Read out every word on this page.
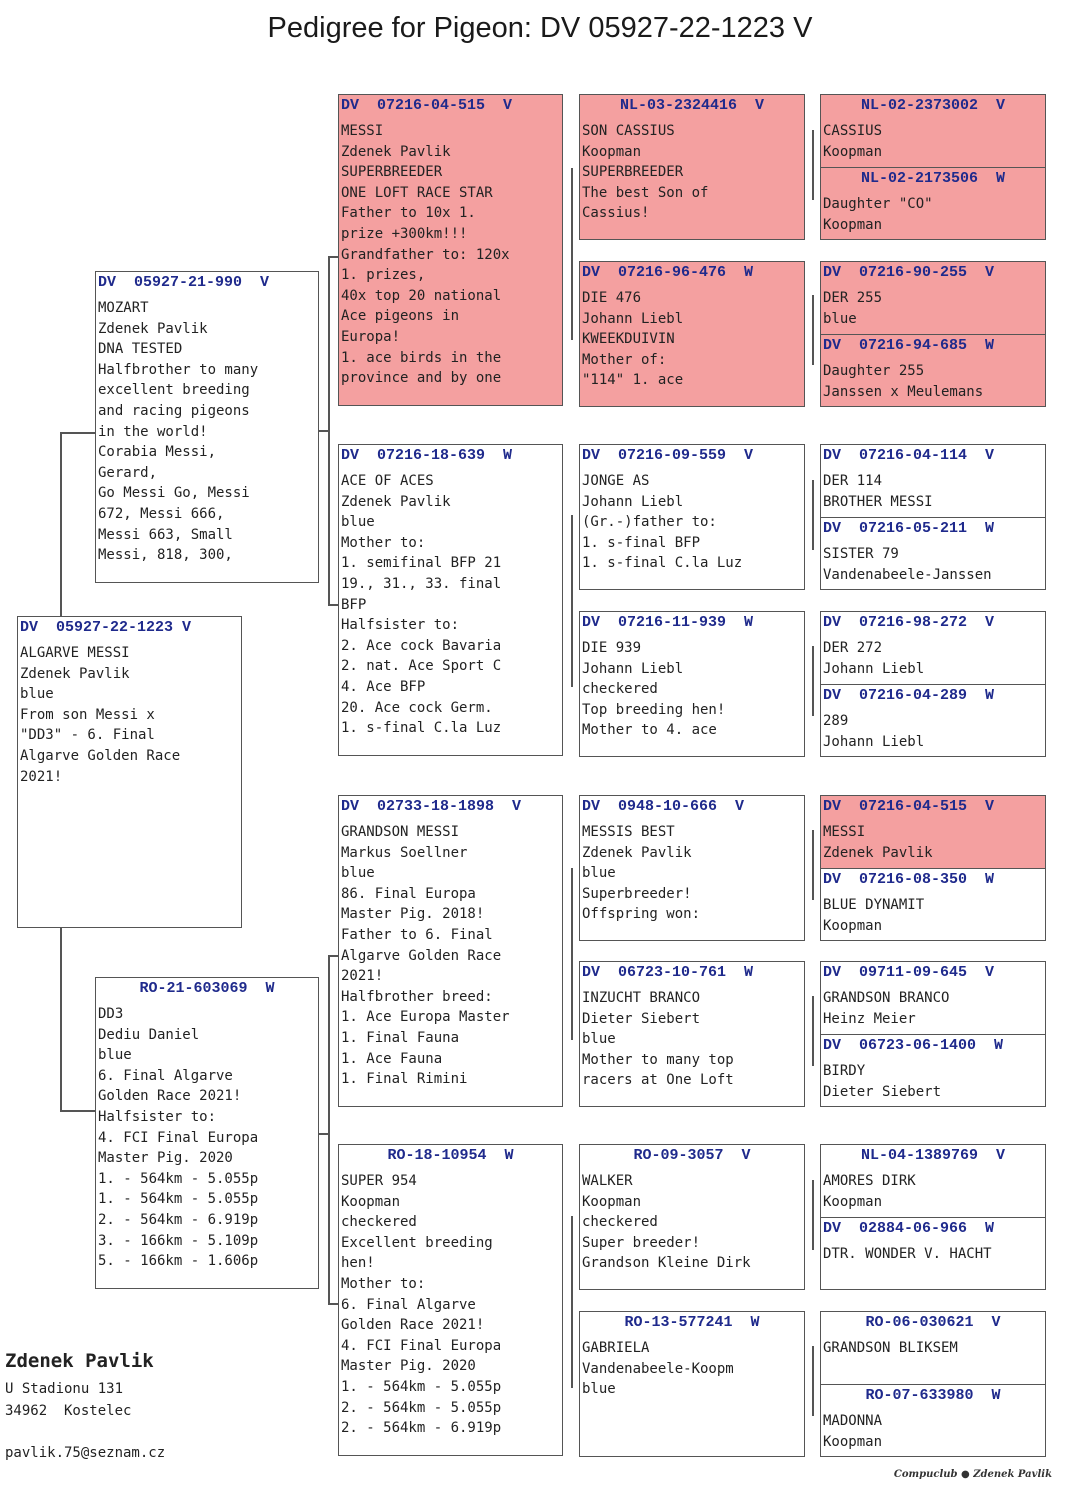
Pedigree for Pigeon: DV 05927-22-1223 V
DV  05927-22-1223 V
ALGARVE MESSI
Zdenek Pavlik
blue
From son Messi x
"DD3" - 6. Final
Algarve Golden Race
2021!
DV  05927-21-990  V
MOZART
Zdenek Pavlik
DNA TESTED
Halfbrother to many
excellent breeding
and racing pigeons
in the world!
Corabia Messi,
Gerard,
Go Messi Go, Messi
672, Messi 666,
Messi 663, Small
Messi, 818, 300,
RO-21-603069  W
DD3
Dediu Daniel
blue
6. Final Algarve
Golden Race 2021!
Halfsister to:
4. FCI Final Europa
Master Pig. 2020
1. - 564km - 5.055p
1. - 564km - 5.055p
2. - 564km - 6.919p
3. - 166km - 5.109p
5. - 166km - 1.606p
DV  07216-04-515  V
MESSI
Zdenek Pavlik
SUPERBREEDER
ONE LOFT RACE STAR
Father to 10x 1.
prize +300km!!!
Grandfather to: 120x
1. prizes,
40x top 20 national
Ace pigeons in
Europa!
1. ace birds in the
province and by one
DV  07216-18-639  W
ACE OF ACES
Zdenek Pavlik
blue
Mother to:
1. semifinal BFP 21
19., 31., 33. final
BFP
Halfsister to:
2. Ace cock Bavaria
2. nat. Ace Sport C
4. Ace BFP
20. Ace cock Germ.
1. s-final C.la Luz
DV  02733-18-1898  V
GRANDSON MESSI
Markus Soellner
blue
86. Final Europa
Master Pig. 2018!
Father to 6. Final
Algarve Golden Race
2021!
Halfbrother breed:
1. Ace Europa Master
1. Final Fauna
1. Ace Fauna
1. Final Rimini
RO-18-10954  W
SUPER 954
Koopman
checkered
Excellent breeding
hen!
Mother to:
6. Final Algarve
Golden Race 2021!
4. FCI Final Europa
Master Pig. 2020
1. - 564km - 5.055p
2. - 564km - 5.055p
2. - 564km - 6.919p
NL-03-2324416  V
SON CASSIUS
Koopman
SUPERBREEDER
The best Son of
Cassius!
DV  07216-96-476  W
DIE 476
Johann Liebl
KWEEKDUIVIN
Mother of:
"114" 1. ace
DV  07216-09-559  V
JONGE AS
Johann Liebl
(Gr.-)father to:
1. s-final BFP
1. s-final C.la Luz
DV  07216-11-939  W
DIE 939
Johann Liebl
checkered
Top breeding hen!
Mother to 4. ace
DV  0948-10-666  V
MESSIS BEST
Zdenek Pavlik
blue
Superbreeder!
Offspring won:
DV  06723-10-761  W
INZUCHT BRANCO
Dieter Siebert
blue
Mother to many top
racers at One Loft
RO-09-3057  V
WALKER
Koopman
checkered
Super breeder!
Grandson Kleine Dirk
RO-13-577241  W
GABRIELA
Vandenabeele-Koopm
blue
NL-02-2373002  V
CASSIUS
Koopman
NL-02-2173506  W
Daughter "CO"
Koopman
DV  07216-90-255  V
DER 255
blue
DV  07216-94-685  W
Daughter 255
Janssen x Meulemans
DV  07216-04-114  V
DER 114
BROTHER MESSI
DV  07216-05-211  W
SISTER 79
Vandenabeele-Janssen
DV  07216-98-272  V
DER 272
Johann Liebl
DV  07216-04-289  W
289
Johann Liebl
DV  07216-04-515  V
MESSI
Zdenek Pavlik
DV  07216-08-350  W
BLUE DYNAMIT
Koopman
DV  09711-09-645  V
GRANDSON BRANCO
Heinz Meier
DV  06723-06-1400  W
BIRDY
Dieter Siebert
NL-04-1389769  V
AMORES DIRK
Koopman
DV  02884-06-966  W
DTR. WONDER V. HACHT
RO-06-030621  V
GRANDSON BLIKSEM
RO-07-633980  W
MADONNA
Koopman
Zdenek Pavlik
U Stadionu 131
34962  Kostelec
pavlik.75@seznam.cz
Compuclub ● Zdenek Pavlik
